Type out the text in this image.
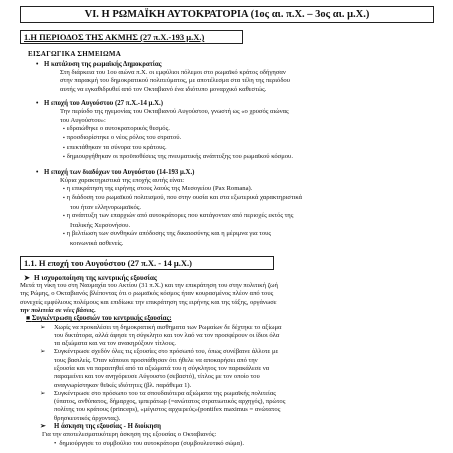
VI. Η ΡΩΜΑΪΚΗ ΑΥΤΟΚΡΑΤΟΡΙΑ (1ος αι. π.Χ. – 3ος αι. μ.Χ.)
1.Η ΠΕΡΙΟΔΟΣ ΤΗΣ ΑΚΜΗΣ (27 π.Χ.-193 μ.Χ.)
ΕΙΣΑΓΩΓΙΚΑ ΣΗΜΕΙΩΜΑ
• Η κατάλυση της ρωμαϊκής Δημοκρατίας
Στη διάρκεια του 1ου αιώνα π.Χ. οι εμφύλιοι πόλεμοι στο ρωμαϊκό κράτος οδήγησαν
στην παρακμή του δημοκρατικού πολιτεύματος, με αποτέλεσμα στα τέλη της περιόδου
αυτής να εγκαθιδρυθεί από τον Οκταβιανό ένα ιδιότυπο μοναρχικό καθεστώς.
• Η εποχή του Αυγούστου (27 π.Χ.-14 μ.Χ.)
Την περίοδο της ηγεμονίας του Οκταβιανού Αυγούστου, γνωστή ως «ο χρυσός αιώνας
του Αυγούστου»:
▪ εδραιώθηκε ο αυτοκρατορικός θεσμός.
▪ προσδιορίστηκε ο νέος ρόλος του στρατού.
▪ επεκτάθηκαν τα σύνορα του κράτους.
▪ δημιουργήθηκαν οι προϋποθέσεις της πνευματικής ανάπτυξης του ρωμαϊκού κόσμου.
• Η εποχή των διαδόχων του Αυγούστου (14-193 μ.Χ.)
Κύρια χαρακτηριστικά της εποχής αυτής είναι:
▪ η επικράτηση της ειρήνης στους λαούς της Μεσογείου (Pax Romana).
▪ η διάδοση του ρωμαϊκού πολιτισμού, που στην ουσία και στα εξωτερικά χαρακτηριστικά
του ήταν ελληνορωμαϊκός.
▪ η ανάπτυξη των επαρχιών από αυτοκράτορες που κατάγονταν από περιοχές εκτός της
Ιταλικής Χερσονήσου.
▪ η βελτίωση των συνθηκών απόδοσης της δικαιοσύνης και η μέριμνα για τους
κοινωνικά ασθενείς.
1.1. Η εποχή του Αυγούστου (27 π.Χ. - 14 μ.Χ.)
➤ Η ισχυροποίηση της κεντρικής εξουσίας
Μετά τη νίκη του στη Ναυμαχία του Ακτίου (31 π.Χ.) και την επικράτηση του στην πολιτική ζωή
της Ρώμης, ο Οκταβιανός βλέποντας ότι ο ρωμαϊκός κόσμος ήταν κουρασμένος πλέον από τους
συνεχείς εμφύλιους πολέμους και επιδίωκε την επικράτηση της ειρήνης και της τάξης, οργάνωσε
την πολιτεία σε νέες βάσεις.
■ Συγκέντρωση εξουσιών του κεντρικής εξουσίας:
➢ Χωρίς να προκαλέσει τη δημοκρατική αισθηματα των Ρωμαίων δε δέχτηκε το αξίωμα
του δικτάτορα, αλλά άφησε τη σύγκλητο και τον λαό να τον προσφέρουν οι ίδιοι όλα
τα αξιώματα και να τον ανακηρύξουν τίτλους.
➢ Συγκέντρωσε σχεδόν όλες τις εξουσίες στο πρόσωπό του, όπως συνέβαινε άλλοτε με
τους βασιλείς. Όταν κάποιοι προσπάθησαν ότι ήθελε να αποκαρήσει από την
εξουσία και να παραιτηθεί από τα αξιώματά του η σύγκλητος τον παρακάλεσε να
παραμείνει και τον ανηγόρευσε Αύγουστο (σεβαστό), τίτλος με τον οποίο του
αναγνωρίστηκαν θεϊκές ιδιότητες (βλ. παράθεμα 1).
➢ Συγκέντρωσε στο πρόσωπο του τα σπουδαιότερα αξιώματα της ρωμαϊκής πολιτείας
(ύπατος, ανθύπατος, δήμαρχος, ιμπεράτωρ (=ανώτατος στρατιωτικός αρχηγός), πρώτος
πολίτης του κράτους (princeps), «μέγιστος αρχιερεύς»(pontifex maximus = ανώτατος
θρησκευτικός άρχοντας).
➢ Η άσκηση της εξουσίας - Η διοίκηση
Για την αποτελεσματικότερη άσκηση της εξουσίας ο Οκταβιανός:
• δημιούργησε το συμβούλιο του αυτοκράτορα (συμβουλευτικό σώμα).
